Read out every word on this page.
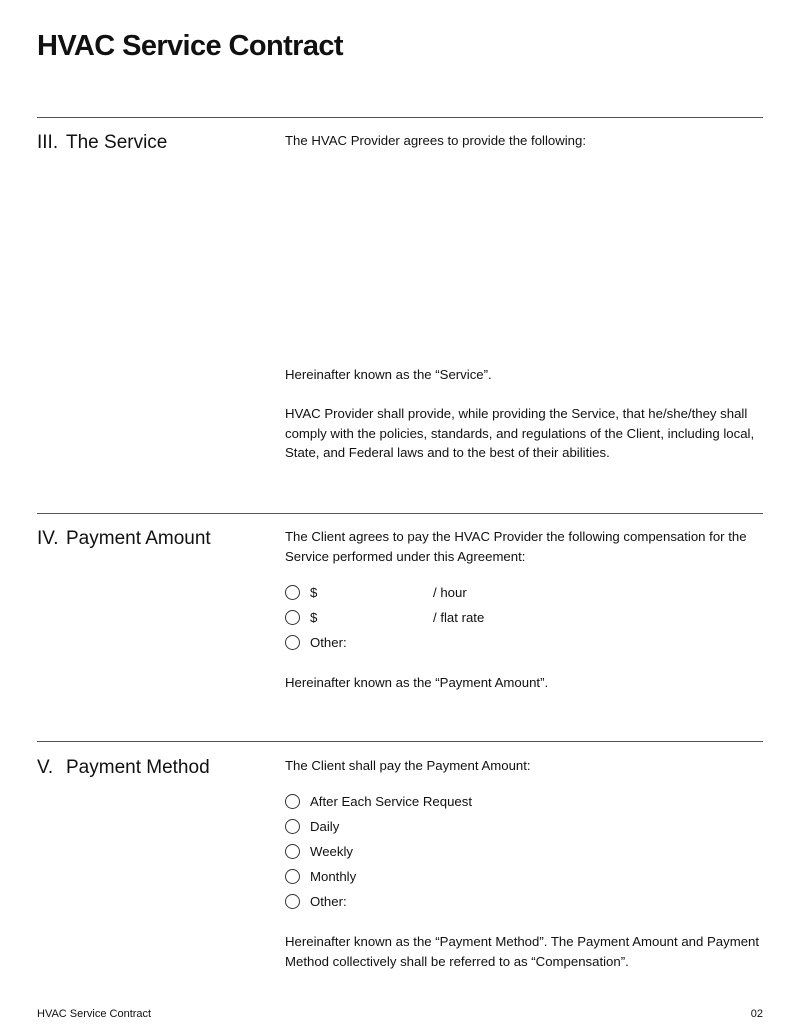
HVAC Service Contract
III. The Service	The HVAC Provider agrees to provide the following:
Hereinafter known as the “Service”.
HVAC Provider shall provide, while providing the Service, that he/she/they shall comply with the policies, standards, and regulations of the Client, including local, State, and Federal laws and to the best of their abilities.
IV. Payment Amount	The Client agrees to pay the HVAC Provider the following compensation for the Service performed under this Agreement:
$	/ hour
$	/ flat rate
Other:
Hereinafter known as the “Payment Amount”.
V. Payment Method	The Client shall pay the Payment Amount:
After Each Service Request
Daily
Weekly
Monthly
Other:
Hereinafter known as the “Payment Method”. The Payment Amount and Payment Method collectively shall be referred to as “Compensation”.
HVAC Service Contract	02
